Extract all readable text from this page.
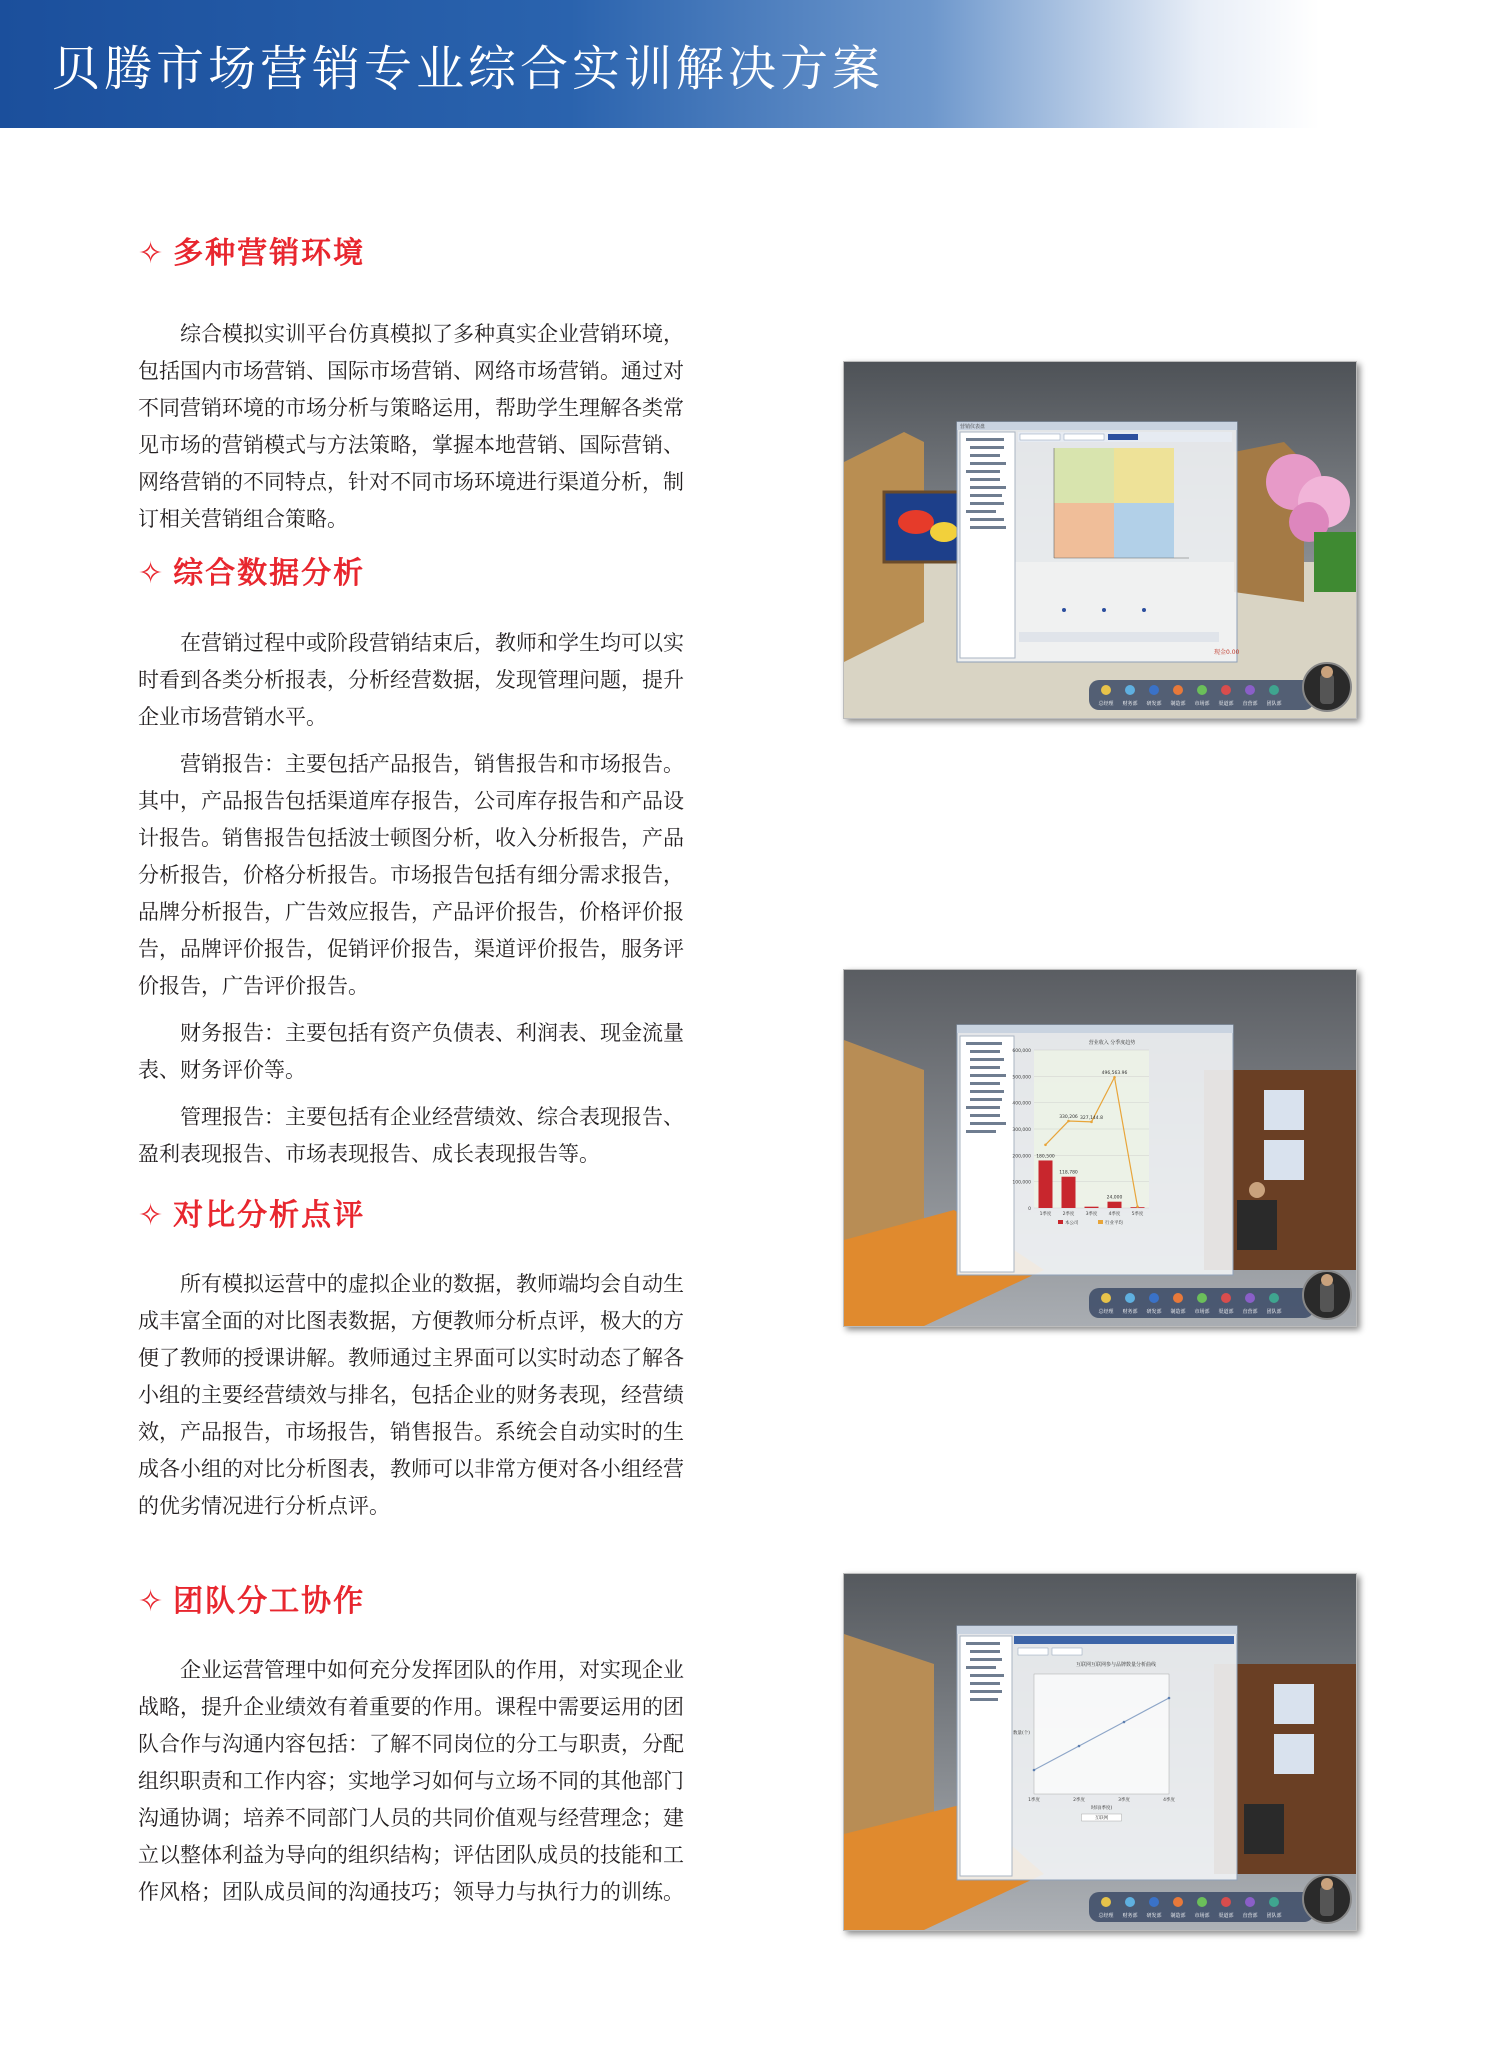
贝腾市场营销专业综合实训解决方案
✧ 多种营销环境

综合模拟实训平台仿真模拟了多种真实企业营销环境，包括国内市场营销、国际市场营销、网络市场营销。通过对不同营销环境的市场分析与策略运用，帮助学生理解各类常见市场的营销模式与方法策略，掌握本地营销、国际营销、网络营销的不同特点，针对不同市场环境进行渠道分析，制订相关营销组合策略。

✧ 综合数据分析

在营销过程中或阶段营销结束后，教师和学生均可以实时看到各类分析报表，分析经营数据，发现管理问题，提升企业市场营销水平。

营销报告：主要包括产品报告，销售报告和市场报告。其中，产品报告包括渠道库存报告，公司库存报告和产品设计报告。销售报告包括波士顿图分析，收入分析报告，产品分析报告，价格分析报告。市场报告包括有细分需求报告，品牌分析报告，广告效应报告，产品评价报告，价格评价报告，品牌评价报告，促销评价报告，渠道评价报告，服务评价报告，广告评价报告。

财务报告：主要包括有资产负债表、利润表、现金流量表、财务评价等。

管理报告：主要包括有企业经营绩效、综合表现报告、盈利表现报告、市场表现报告、成长表现报告等。

✧ 对比分析点评

所有模拟运营中的虚拟企业的数据，教师端均会自动生成丰富全面的对比图表数据，方便教师分析点评，极大的方便了教师的授课讲解。教师通过主界面可以实时动态了解各小组的主要经营绩效与排名，包括企业的财务表现，经营绩效，产品报告，市场报告，销售报告。系统会自动实时的生成各小组的对比分析图表，教师可以非常方便对各小组经营的优劣情况进行分析点评。

✧ 团队分工协作

企业运营管理中如何充分发挥团队的作用，对实现企业战略，提升企业绩效有着重要的作用。课程中需要运用的团队合作与沟通内容包括：了解不同岗位的分工与职责，分配组织职责和工作内容；实地学习如何与立场不同的其他部门沟通协调；培养不同部门人员的共同价值观与经营理念；建立以整体利益为导向的组织结构；评估团队成员的技能和工作风格；团队成员间的沟通技巧；领导力与执行力的训练。

营销仪表盘
现金0.00
总经理 财务部 研发部 制造部 市场部 渠道部 直营部 团队部
营业收入 分季度趋势
600,000
500,000
400,000
300,000
200,000
100,000
0
1季度 2季度 3季度 4季度 5季度
180,500
118,780
330,206 327,144.8
496,563.96
24,000
本公司	行业平均
总经理 财务部 研发部 制造部 市场部 渠道部 直营部 团队部
互联网互联网参与品牌数量分析曲线
1季度	2季度	3季度	4季度
数量(个)
时间(季度)
互联网
总经理 财务部 研发部 制造部 市场部 渠道部 直营部 团队部
